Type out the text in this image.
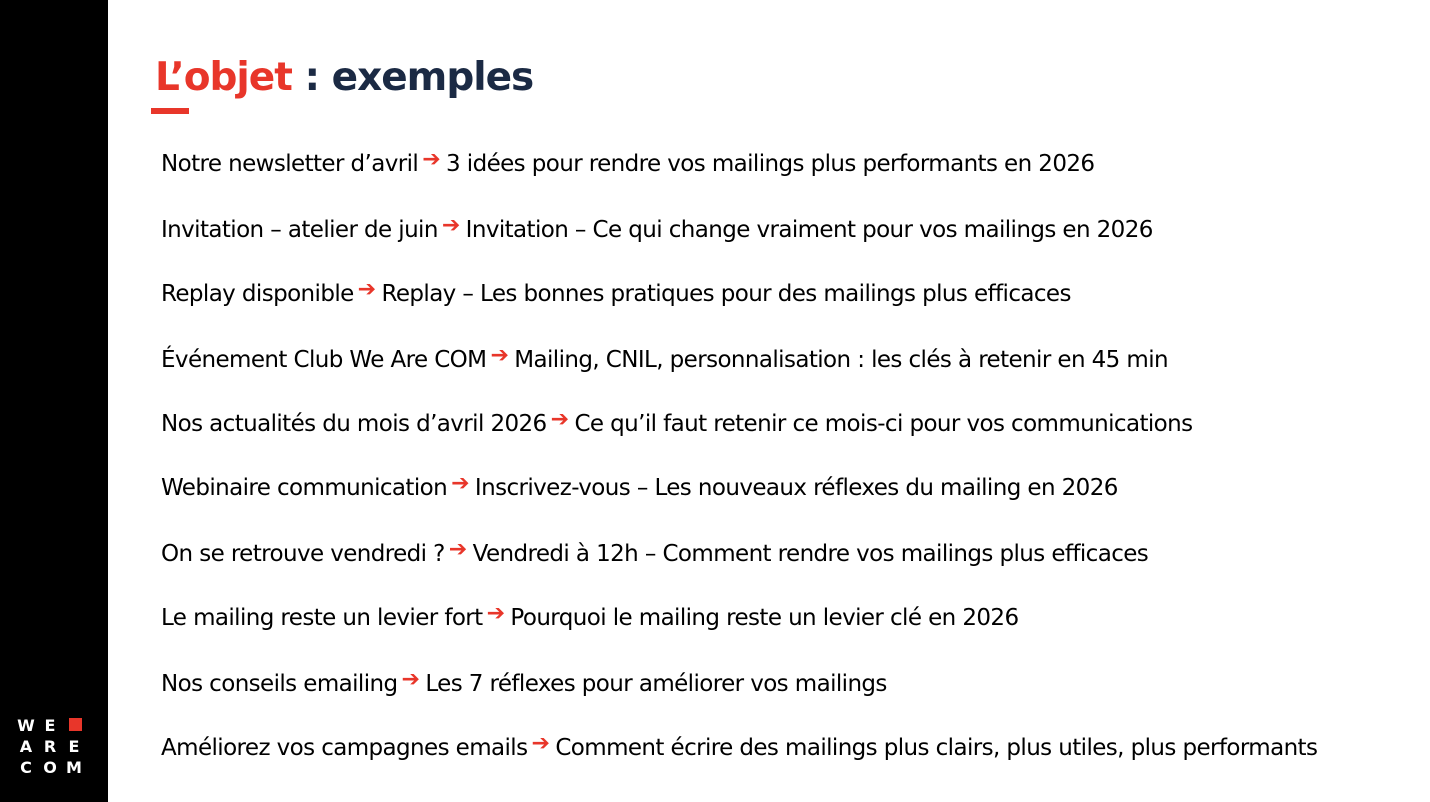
W E
A R E
C O M
L’objet : exemples
Notre newsletter d’avril ➔ 3 idées pour rendre vos mailings plus performants en 2026
Invitation – atelier de juin ➔ Invitation – Ce qui change vraiment pour vos mailings en 2026
Replay disponible ➔ Replay – Les bonnes pratiques pour des mailings plus efficaces
Événement Club We Are COM ➔ Mailing, CNIL, personnalisation : les clés à retenir en 45 min
Nos actualités du mois d’avril 2026 ➔ Ce qu’il faut retenir ce mois-ci pour vos communications
Webinaire communication ➔ Inscrivez-vous – Les nouveaux réflexes du mailing en 2026
On se retrouve vendredi ? ➔ Vendredi à 12h – Comment rendre vos mailings plus efficaces
Le mailing reste un levier fort ➔ Pourquoi le mailing reste un levier clé en 2026
Nos conseils emailing ➔ Les 7 réflexes pour améliorer vos mailings
Améliorez vos campagnes emails ➔ Comment écrire des mailings plus clairs, plus utiles, plus performants
